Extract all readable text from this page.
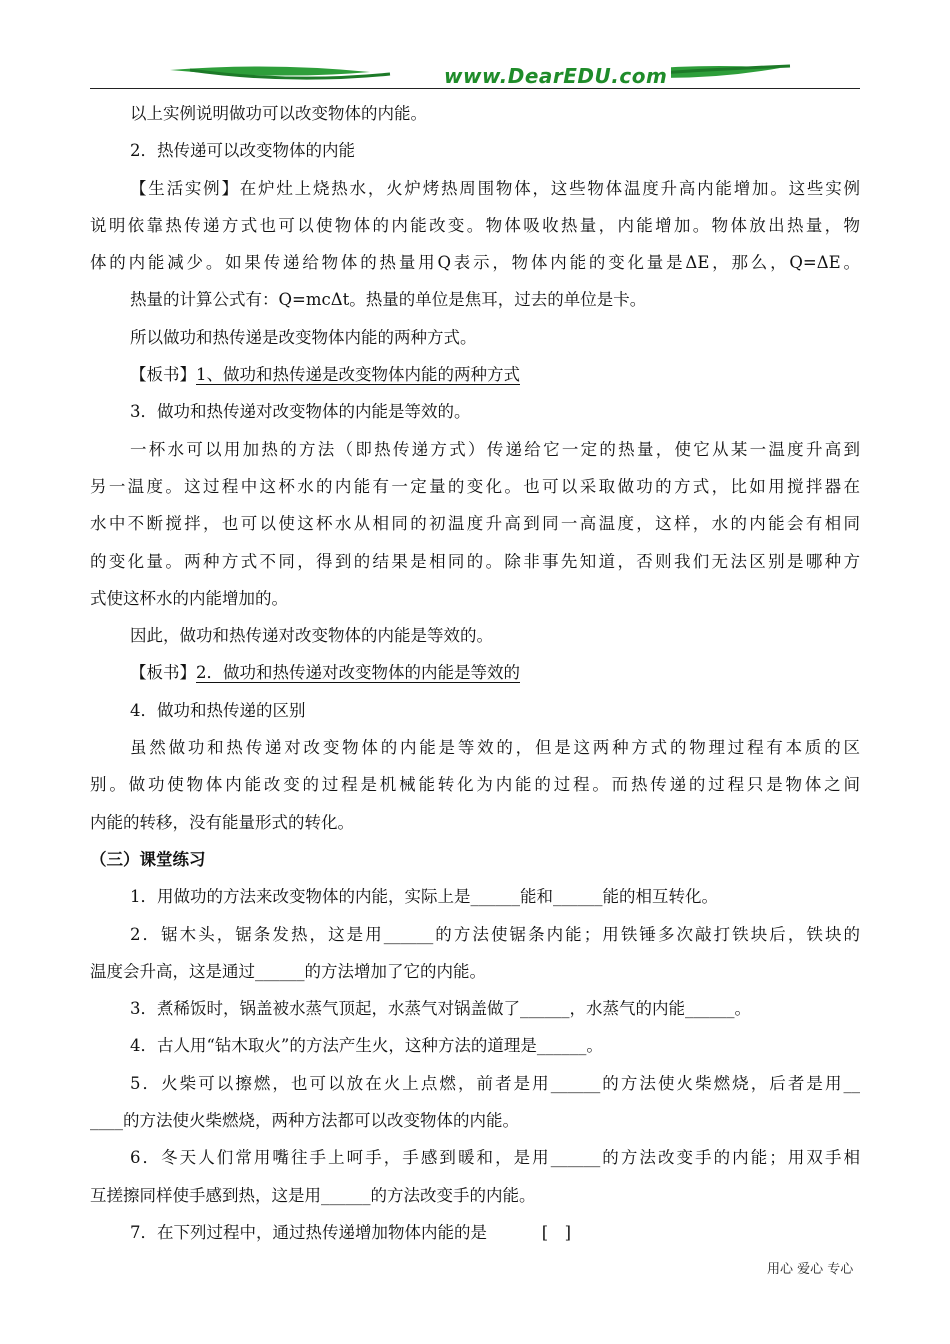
www.DearEDU.com
以上实例说明做功可以改变物体的内能。
2．热传递可以改变物体的内能
【生活实例】在炉灶上烧热水，火炉烤热周围物体，这些物体温度升高内能增加。这些实例
说明依靠热传递方式也可以使物体的内能改变。物体吸收热量，内能增加。物体放出热量，物
体的内能减少。如果传递给物体的热量用Q表示，物体内能的变化量是ΔE，那么，Q=ΔE。
热量的计算公式有：Q=mcΔt。热量的单位是焦耳，过去的单位是卡。
所以做功和热传递是改变物体内能的两种方式。
【板书】1、做功和热传递是改变物体内能的两种方式
3．做功和热传递对改变物体的内能是等效的。
一杯水可以用加热的方法（即热传递方式）传递给它一定的热量，使它从某一温度升高到
另一温度。这过程中这杯水的内能有一定量的变化。也可以采取做功的方式，比如用搅拌器在
水中不断搅拌，也可以使这杯水从相同的初温度升高到同一高温度，这样，水的内能会有相同
的变化量。两种方式不同，得到的结果是相同的。除非事先知道，否则我们无法区别是哪种方
式使这杯水的内能增加的。
因此，做功和热传递对改变物体的内能是等效的。
【板书】2．做功和热传递对改变物体的内能是等效的
4．做功和热传递的区别
虽然做功和热传递对改变物体的内能是等效的，但是这两种方式的物理过程有本质的区
别。做功使物体内能改变的过程是机械能转化为内能的过程。而热传递的过程只是物体之间
内能的转移，没有能量形式的转化。
（三）课堂练习
1．用做功的方法来改变物体的内能，实际上是______能和______能的相互转化。
2．锯木头，锯条发热，这是用______的方法使锯条内能；用铁锤多次敲打铁块后，铁块的
温度会升高，这是通过______的方法增加了它的内能。
3．煮稀饭时，锅盖被水蒸气顶起，水蒸气对锅盖做了______，水蒸气的内能______。
4．古人用“钻木取火”的方法产生火，这种方法的道理是______。
5．火柴可以擦燃，也可以放在火上点燃，前者是用______的方法使火柴燃烧，后者是用__
____的方法使火柴燃烧，两种方法都可以改变物体的内能。
6．冬天人们常用嘴往手上呵手，手感到暖和，是用______的方法改变手的内能；用双手相
互搓擦同样使手感到热，这是用______的方法改变手的内能。
7．在下列过程中，通过热传递增加物体内能的是　　　 [　]
用心 爱心 专心
